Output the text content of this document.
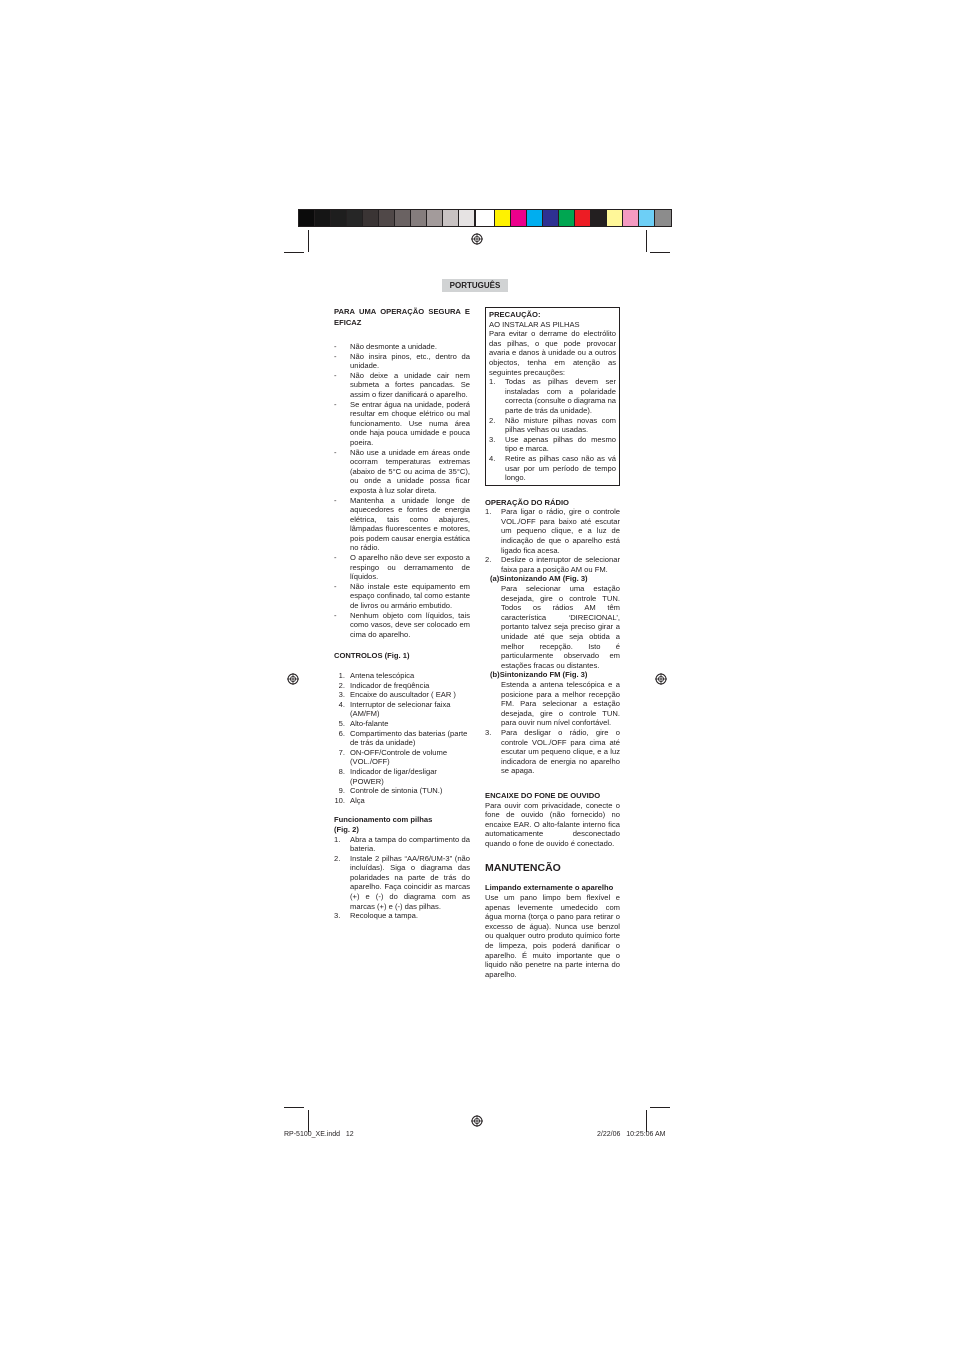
PORTUGUÊS

PARA UMA OPERAÇÃO SEGURA E EFICAZ

- Não desmonte a unidade.
- Não insira pinos, etc., dentro da unidade.
- Não deixe a unidade cair nem submeta a fortes pancadas. Se assim o fizer danificará o aparelho.
- Se entrar água na unidade, poderá resultar em choque elétrico ou mal funcionamento. Use numa área onde haja pouca umidade e pouca poeira.
- Não use a unidade em áreas onde ocorram temperaturas extremas (abaixo de 5°C ou acima de 35°C), ou onde a unidade possa ficar exposta à luz solar direta.
- Mantenha a unidade longe de aquecedores e fontes de energia elétrica, tais como abajures, lâmpadas fluorescentes e motores, pois podem causar energia estática no rádio.
- O aparelho não deve ser exposto a respingo ou derramamento de líquidos.
- Não instale este equipamento em espaço confinado, tal como estante de livros ou armário embutido.
- Nenhum objeto com líquidos, tais como vasos, deve ser colocado em cima do aparelho.

CONTROLOS (Fig. 1)

1. Antena telescópica
2. Indicador de freqüência
3. Encaixe do auscultador ( EAR )
4. Interruptor de selecionar faixa (AM/FM)
5. Alto-falante
6. Compartimento das baterias (parte de trás da unidade)
7. ON-OFF/Controle de volume (VOL./OFF)
8. Indicador de ligar/desligar (POWER)
9. Controle de sintonia (TUN.)
10. Alça

Funcionamento com pilhas

(Fig. 2)

1. Abra a tampa do compartimento da bateria.
2. Instale 2 pilhas “AA/R6/UM-3” (não incluídas). Siga o diagrama das polaridades na parte de trás do aparelho. Faça coincidir as marcas (+) e (-) do diagrama com as marcas (+) e (-) das pilhas.
3. Recoloque a tampa.

PRECAUÇÃO:

AO INSTALAR AS PILHAS

Para evitar o derrame do electrólito das pilhas, o que pode provocar avaria e danos à unidade ou a outros objectos, tenha em atenção as seguintes precauções:

1. Todas as pilhas devem ser instaladas com a polaridade correcta (consulte o diagrama na parte de trás da unidade).
2. Não misture pilhas novas com pilhas velhas ou usadas.
3. Use apenas pilhas do mesmo tipo e marca.
4. Retire as pilhas caso não as vá usar por um período de tempo longo.

OPERAÇÃO DO RÁDIO

1. Para ligar o rádio, gire o controle VOL./OFF para baixo até escutar um pequeno clique, e a luz de indicação de que o aparelho está ligado fica acesa.
2. Deslize o interruptor de selecionar faixa para a posição AM ou FM.

(a)Sintonizando AM (Fig. 3)

Para selecionar uma estação desejada, gire o controle TUN. Todos os rádios AM têm característica ‘DIRECIONAL’, portanto talvez seja preciso girar a unidade até que seja obtida a melhor recepção. Isto é particularmente observado em estações fracas ou distantes.

(b)Sintonizando FM (Fig. 3)

Estenda a antena telescópica e a posicione para a melhor recepção FM. Para selecionar a estação desejada, gire o controle TUN. para ouvir num nível confortável.

3. Para desligar o rádio, gire o controle VOL./OFF para cima até escutar um pequeno clique, e a luz indicadora de energia no aparelho se apaga.

ENCAIXE DO FONE DE OUVIDO

Para ouvir com privacidade, conecte o fone de ouvido (não fornecido) no encaixe EAR. O alto-falante interno fica automaticamente desconectado quando o fone de ouvido é conectado.

MANUTENCÃO

Limpando externamente o aparelho

Use um pano limpo bem flexível e apenas levemente umedecido com água morna (torça o pano para retirar o excesso de água). Nunca use benzol ou qualquer outro produto químico forte de limpeza, pois poderá danificar o aparelho. É muito importante que o liquido não penetre na parte interna do aparelho.

RP-5100_XE.indd   12	2/22/06   10:25:06 AM
